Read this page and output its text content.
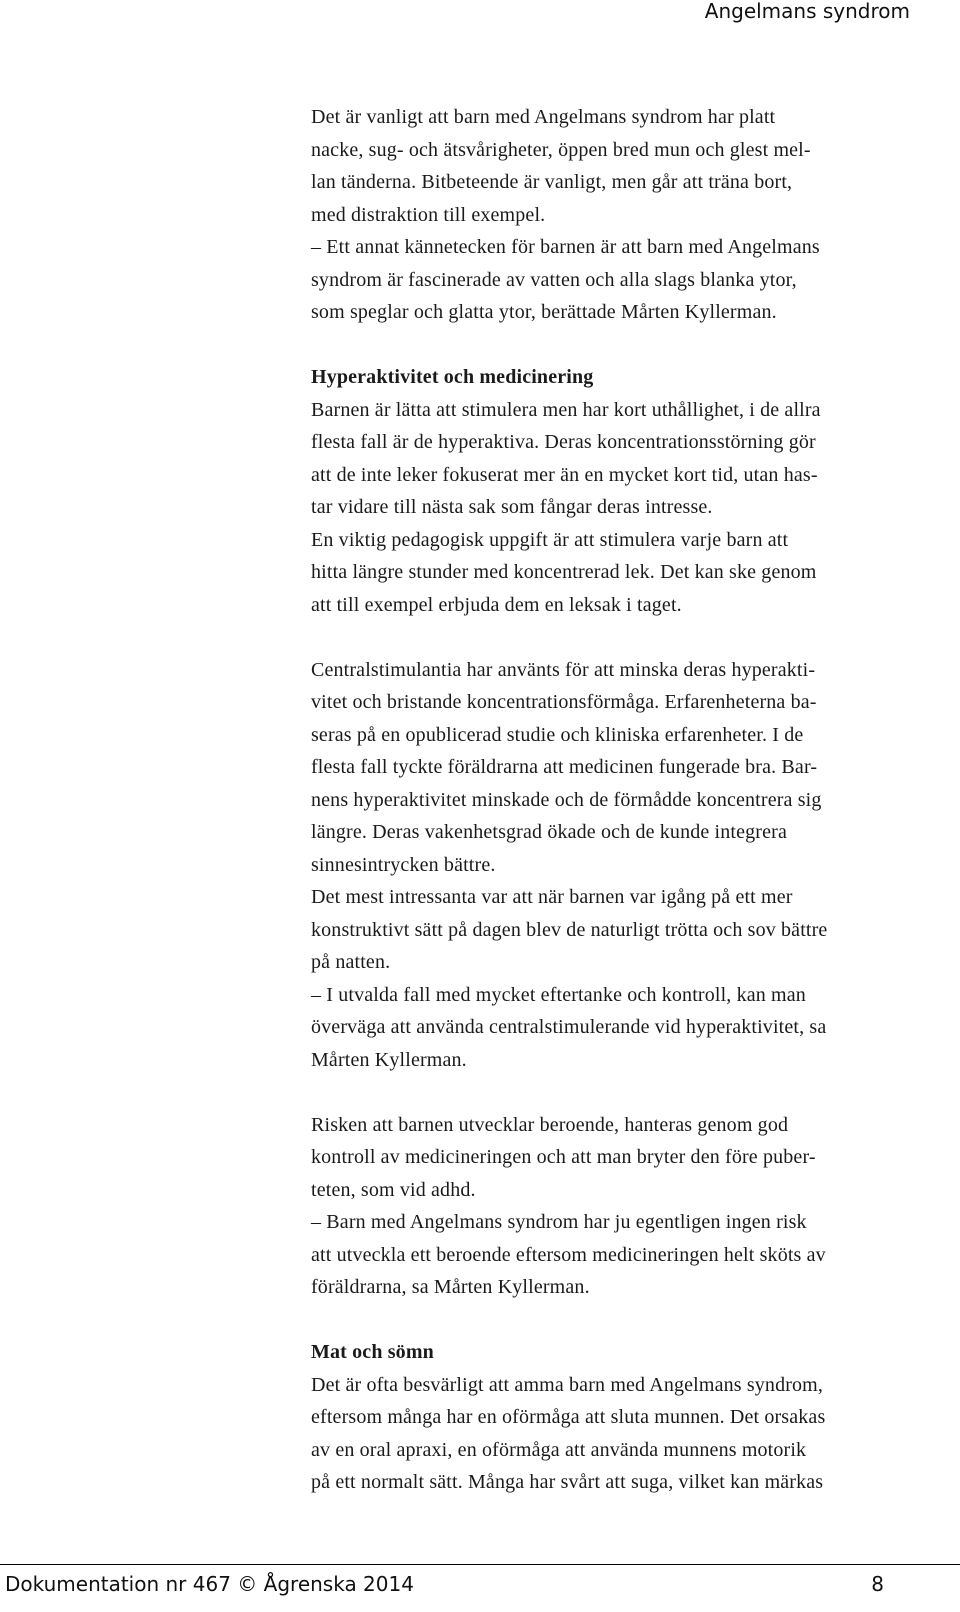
Angelmans syndrom

Det är vanligt att barn med Angelmans syndrom har platt
nacke, sug- och ätsvårigheter, öppen bred mun och glest mel-
lan tänderna. Bitbeteende är vanligt, men går att träna bort,
med distraktion till exempel.
– Ett annat kännetecken för barnen är att barn med Angelmans
syndrom är fascinerade av vatten och alla slags blanka ytor,
som speglar och glatta ytor, berättade Mårten Kyllerman.

Hyperaktivitet och medicinering

Barnen är lätta att stimulera men har kort uthållighet, i de allra
flesta fall är de hyperaktiva. Deras koncentrationsstörning gör
att de inte leker fokuserat mer än en mycket kort tid, utan has-
tar vidare till nästa sak som fångar deras intresse.
En viktig pedagogisk uppgift är att stimulera varje barn att
hitta längre stunder med koncentrerad lek. Det kan ske genom
att till exempel erbjuda dem en leksak i taget.

Centralstimulantia har använts för att minska deras hyperakti-
vitet och bristande koncentrationsförmåga. Erfarenheterna ba-
seras på en opublicerad studie och kliniska erfarenheter. I de
flesta fall tyckte föräldrarna att medicinen fungerade bra. Bar-
nens hyperaktivitet minskade och de förmådde koncentrera sig
längre. Deras vakenhetsgrad ökade och de kunde integrera
sinnesintrycken bättre.
Det mest intressanta var att när barnen var igång på ett mer
konstruktivt sätt på dagen blev de naturligt trötta och sov bättre
på natten.
– I utvalda fall med mycket eftertanke och kontroll, kan man
överväga att använda centralstimulerande vid hyperaktivitet, sa
Mårten Kyllerman.

Risken att barnen utvecklar beroende, hanteras genom god
kontroll av medicineringen och att man bryter den före puber-
teten, som vid adhd.
– Barn med Angelmans syndrom har ju egentligen ingen risk
att utveckla ett beroende eftersom medicineringen helt sköts av
föräldrarna, sa Mårten Kyllerman.

Mat och sömn

Det är ofta besvärligt att amma barn med Angelmans syndrom,
eftersom många har en oförmåga att sluta munnen. Det orsakas
av en oral apraxi, en oförmåga att använda munnens motorik
på ett normalt sätt. Många har svårt att suga, vilket kan märkas

Dokumentation nr 467 © Ågrenska 2014	8
